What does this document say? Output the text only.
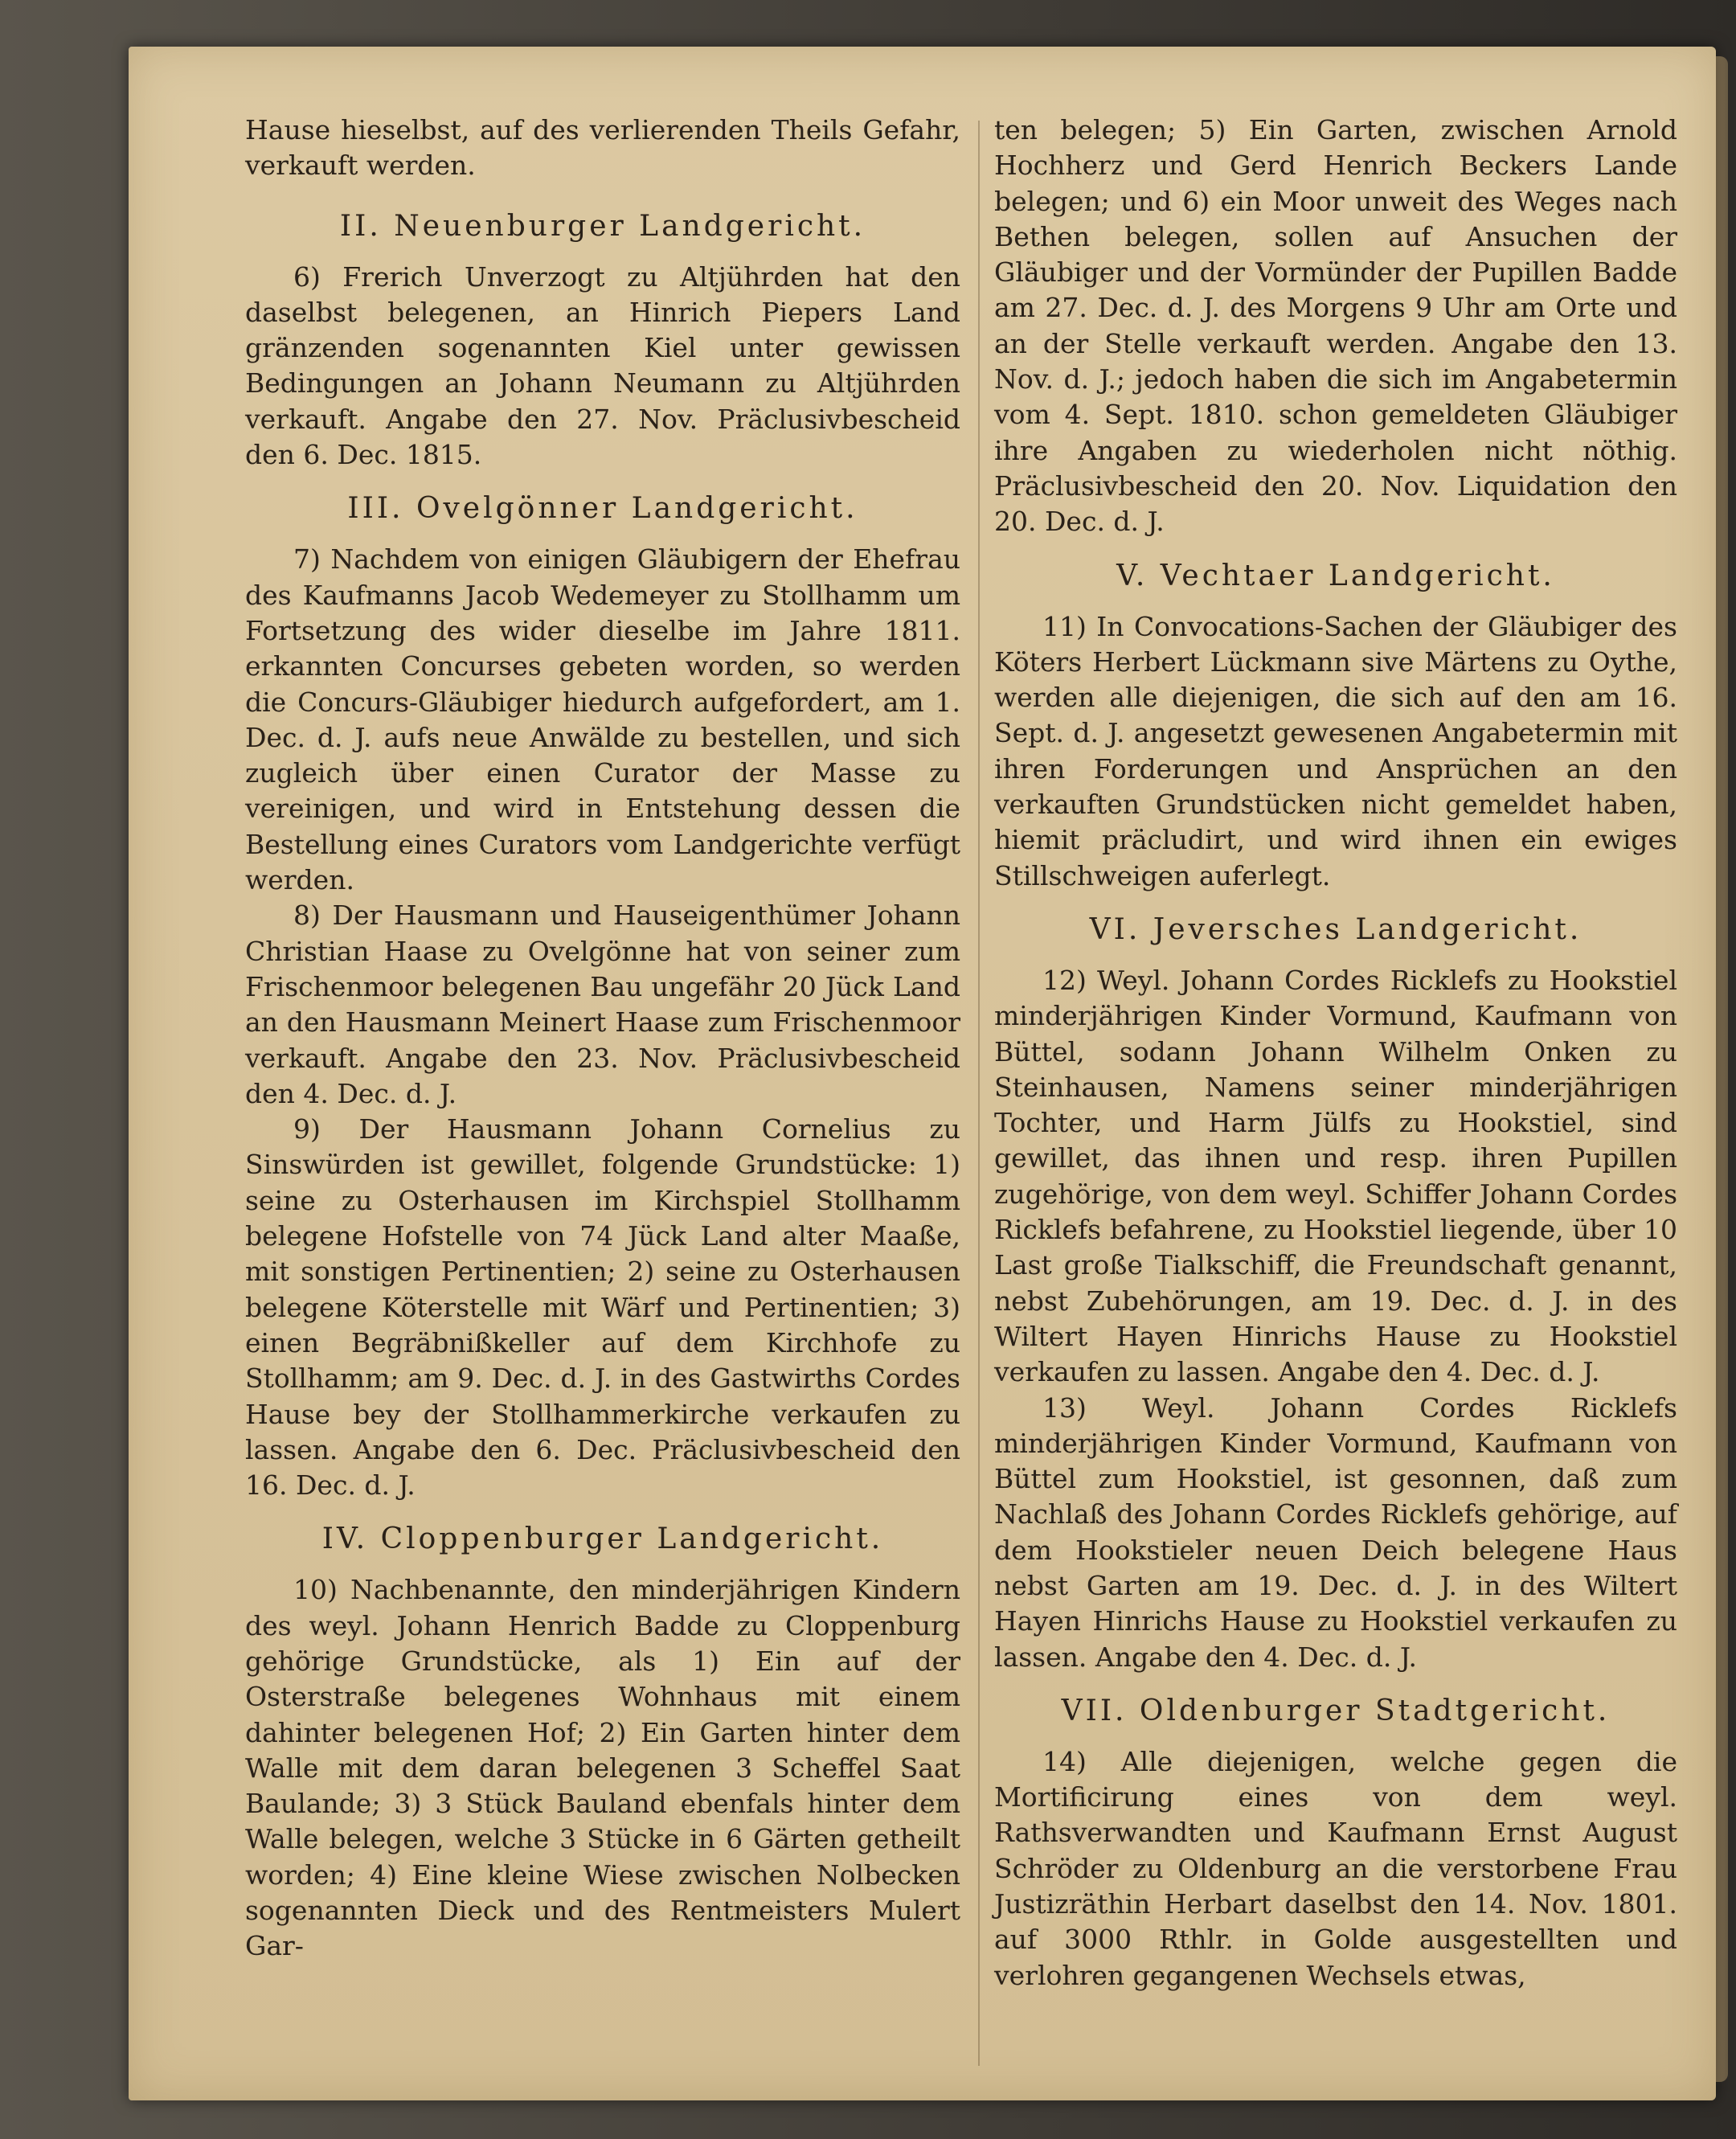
Hause hieselbst, auf des verlierenden Theils Gefahr, verkauft werden.

II. Neuenburger Landgericht.

6) Frerich Unverzogt zu Altjührden hat den daselbst belegenen, an Hinrich Piepers Land gränzenden sogenannten Kiel unter gewissen Bedingungen an Johann Neumann zu Altjührden verkauft. Angabe den 27. Nov. Präclusivbescheid den 6. Dec. 1815.

III. Ovelgönner Landgericht.

7) Nachdem von einigen Gläubigern der Ehefrau des Kaufmanns Jacob Wedemeyer zu Stollhamm um Fortsetzung des wider dieselbe im Jahre 1811. erkannten Concurses gebeten worden, so werden die Concurs-Gläubiger hiedurch aufgefordert, am 1. Dec. d. J. aufs neue Anwälde zu bestellen, und sich zugleich über einen Curator der Masse zu vereinigen, und wird in Entstehung dessen die Bestellung eines Curators vom Landgerichte verfügt werden.

8) Der Hausmann und Hauseigenthümer Johann Christian Haase zu Ovelgönne hat von seiner zum Frischenmoor belegenen Bau ungefähr 20 Jück Land an den Hausmann Meinert Haase zum Frischenmoor verkauft. Angabe den 23. Nov. Präclusivbescheid den 4. Dec. d. J.

9) Der Hausmann Johann Cornelius zu Sinswürden ist gewillet, folgende Grundstücke: 1) seine zu Osterhausen im Kirchspiel Stollhamm belegene Hofstelle von 74 Jück Land alter Maaße, mit sonstigen Pertinentien; 2) seine zu Osterhausen belegene Köterstelle mit Wärf und Pertinentien; 3) einen Begräbnißkeller auf dem Kirchhofe zu Stollhamm; am 9. Dec. d. J. in des Gastwirths Cordes Hause bey der Stollhammerkirche verkaufen zu lassen. Angabe den 6. Dec. Präclusivbescheid den 16. Dec. d. J.

IV. Cloppenburger Landgericht.

10) Nachbenannte, den minderjährigen Kindern des weyl. Johann Henrich Badde zu Cloppenburg gehörige Grundstücke, als 1) Ein auf der Osterstraße belegenes Wohnhaus mit einem dahinter belegenen Hof; 2) Ein Garten hinter dem Walle mit dem daran belegenen 3 Scheffel Saat Baulande; 3) 3 Stück Bauland ebenfals hinter dem Walle belegen, welche 3 Stücke in 6 Gärten getheilt worden; 4) Eine kleine Wiese zwischen Nolbecken sogenannten Dieck und des Rentmeisters Mulert Gar-

ten belegen; 5) Ein Garten, zwischen Arnold Hochherz und Gerd Henrich Beckers Lande belegen; und 6) ein Moor unweit des Weges nach Bethen belegen, sollen auf Ansuchen der Gläubiger und der Vormünder der Pupillen Badde am 27. Dec. d. J. des Morgens 9 Uhr am Orte und an der Stelle verkauft werden. Angabe den 13. Nov. d. J.; jedoch haben die sich im Angabetermin vom 4. Sept. 1810. schon gemeldeten Gläubiger ihre Angaben zu wiederholen nicht nöthig. Präclusivbescheid den 20. Nov. Liquidation den 20. Dec. d. J.

V. Vechtaer Landgericht.

11) In Convocations-Sachen der Gläubiger des Köters Herbert Lückmann sive Märtens zu Oythe, werden alle diejenigen, die sich auf den am 16. Sept. d. J. angesetzt gewesenen Angabetermin mit ihren Forderungen und Ansprüchen an den verkauften Grundstücken nicht gemeldet haben, hiemit präcludirt, und wird ihnen ein ewiges Stillschweigen auferlegt.

VI. Jeversches Landgericht.

12) Weyl. Johann Cordes Ricklefs zu Hookstiel minderjährigen Kinder Vormund, Kaufmann von Büttel, sodann Johann Wilhelm Onken zu Steinhausen, Namens seiner minderjährigen Tochter, und Harm Jülfs zu Hookstiel, sind gewillet, das ihnen und resp. ihren Pupillen zugehörige, von dem weyl. Schiffer Johann Cordes Ricklefs befahrene, zu Hookstiel liegende, über 10 Last große Tialkschiff, die Freundschaft genannt, nebst Zubehörungen, am 19. Dec. d. J. in des Wiltert Hayen Hinrichs Hause zu Hookstiel verkaufen zu lassen. Angabe den 4. Dec. d. J.

13) Weyl. Johann Cordes Ricklefs minderjährigen Kinder Vormund, Kaufmann von Büttel zum Hookstiel, ist gesonnen, daß zum Nachlaß des Johann Cordes Ricklefs gehörige, auf dem Hookstieler neuen Deich belegene Haus nebst Garten am 19. Dec. d. J. in des Wiltert Hayen Hinrichs Hause zu Hookstiel verkaufen zu lassen. Angabe den 4. Dec. d. J.

VII. Oldenburger Stadtgericht.

14) Alle diejenigen, welche gegen die Mortificirung eines von dem weyl. Rathsverwandten und Kaufmann Ernst August Schröder zu Oldenburg an die verstorbene Frau Justizräthin Herbart daselbst den 14. Nov. 1801. auf 3000 Rthlr. in Golde ausgestellten und verlohren gegangenen Wechsels etwas,
